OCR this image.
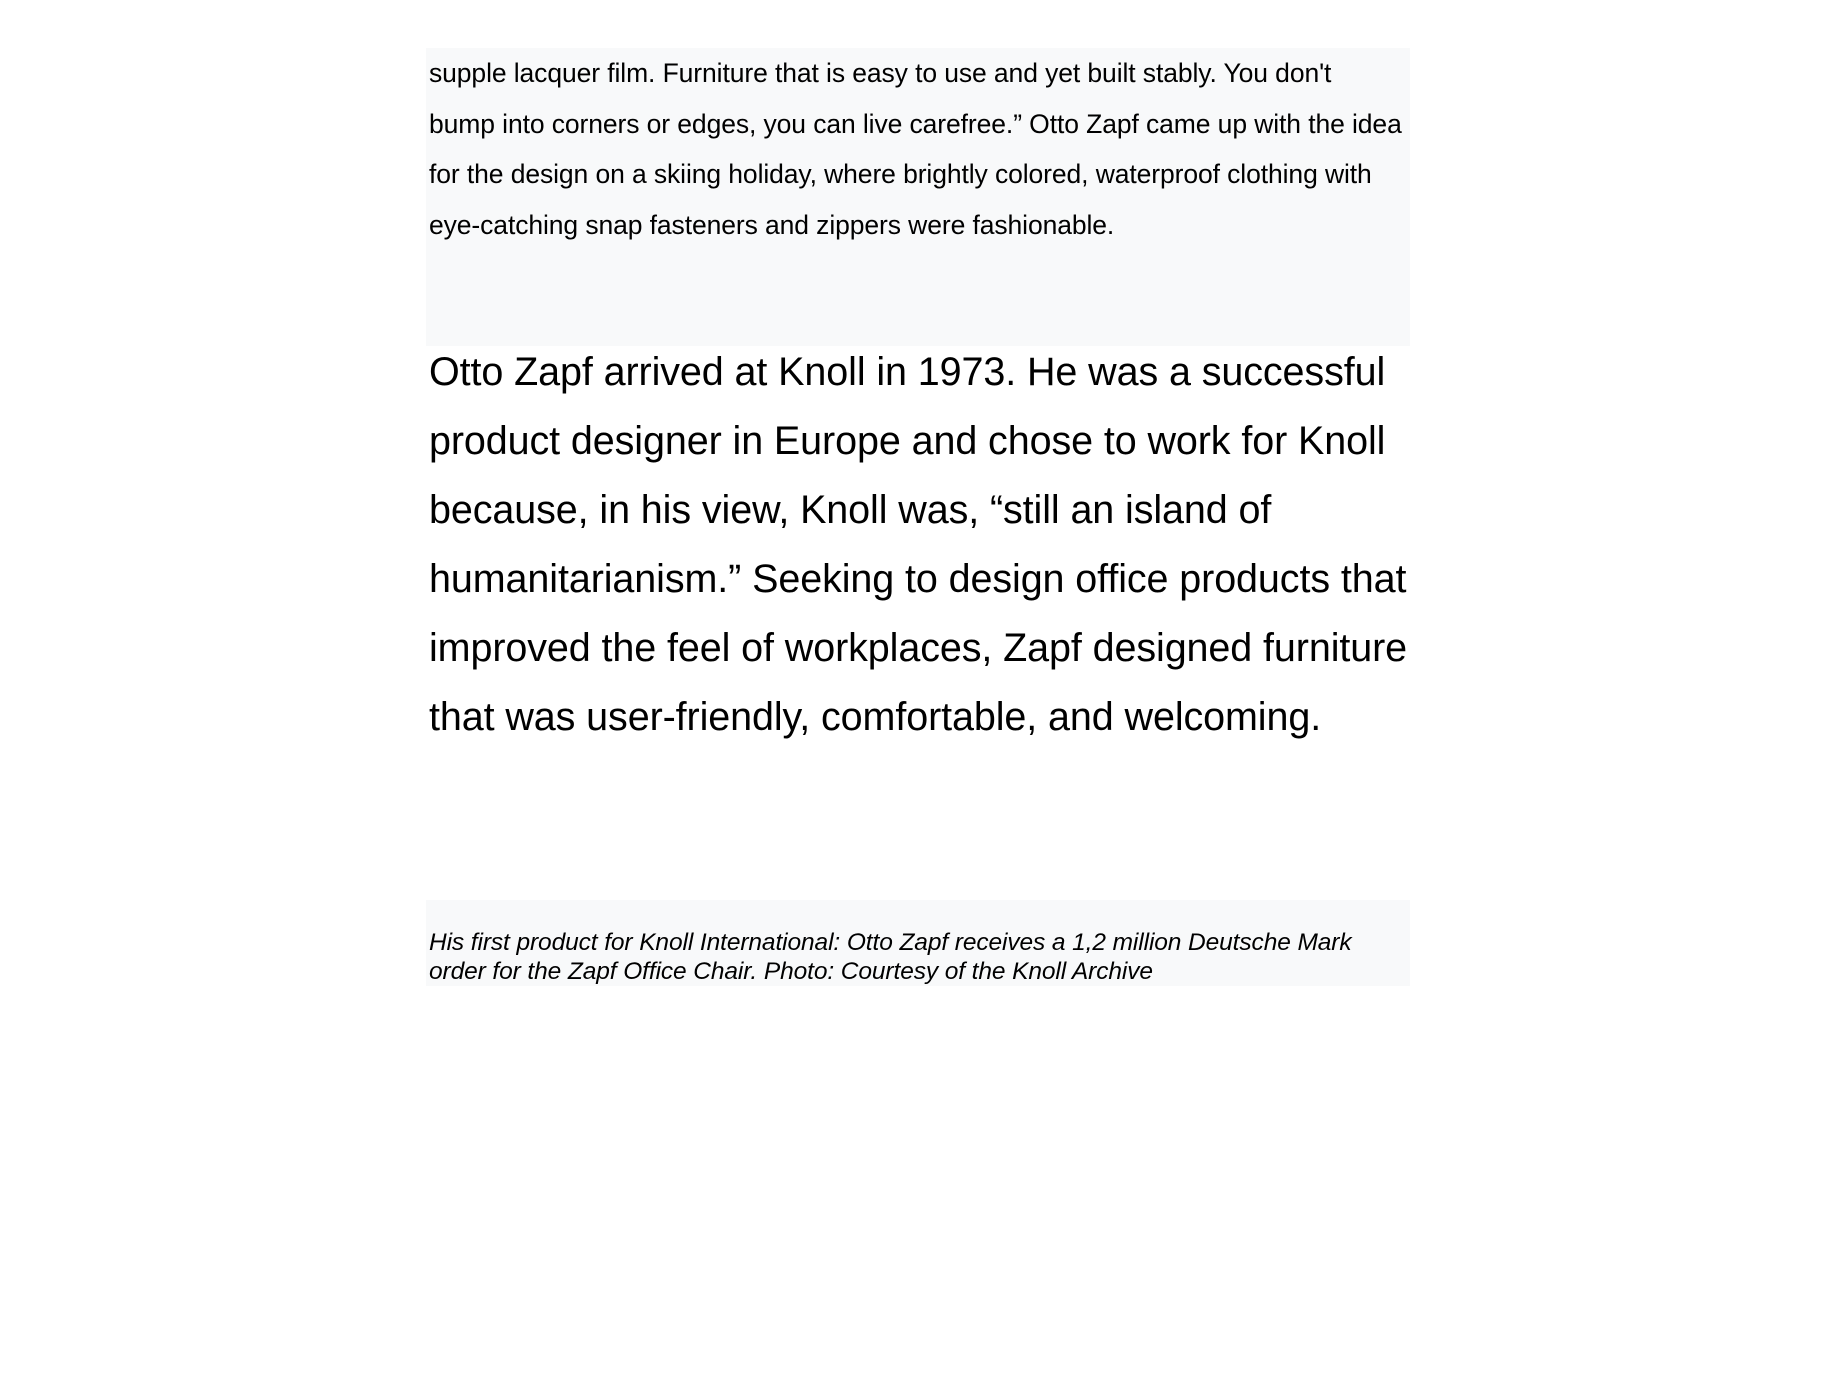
supple lacquer film. Furniture that is easy to use and yet built stably. You don't bump into corners or edges, you can live carefree.” Otto Zapf came up with the idea for the design on a skiing holiday, where brightly colored, waterproof clothing with eye-catching snap fasteners and zippers were fashionable.

Otto Zapf arrived at Knoll in 1973. He was a successful product designer in Europe and chose to work for Knoll because, in his view, Knoll was, “still an island of humanitarianism.” Seeking to design office products that improved the feel of workplaces, Zapf designed furniture that was user-friendly, comfortable, and welcoming.

His first product for Knoll International: Otto Zapf receives a 1,2 million Deutsche Mark order for the Zapf Office Chair. Photo: Courtesy of the Knoll Archive
